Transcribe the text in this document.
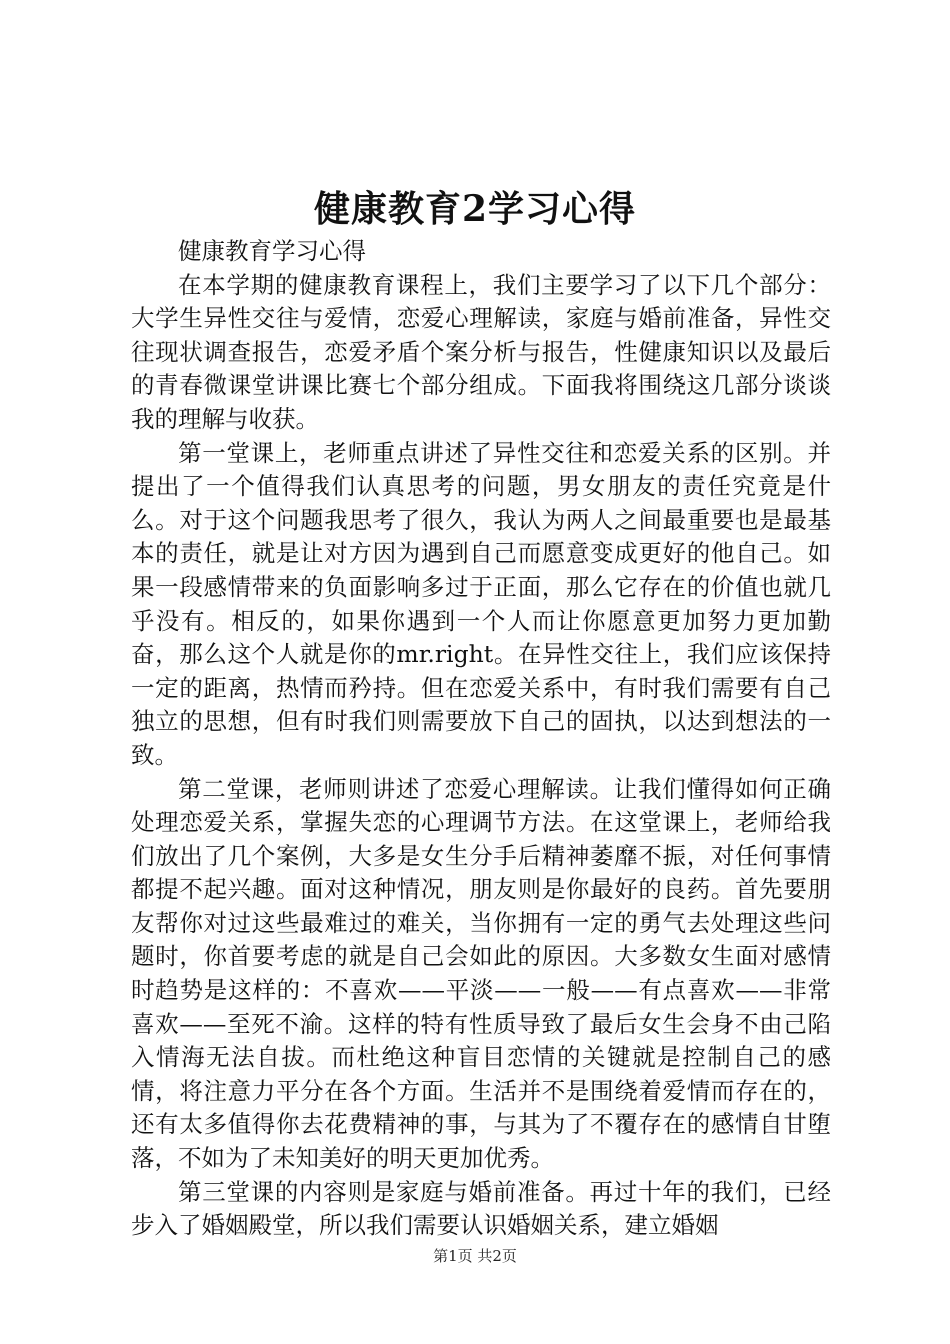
健康教育2学习心得

健康教育学习心得

在本学期的健康教育课程上，我们主要学习了以下几个部分：大学生异性交往与爱情，恋爱心理解读，家庭与婚前准备，异性交往现状调查报告，恋爱矛盾个案分析与报告，性健康知识以及最后的青春微课堂讲课比赛七个部分组成。下面我将围绕这几部分谈谈我的理解与收获。

第一堂课上，老师重点讲述了异性交往和恋爱关系的区别。并提出了一个值得我们认真思考的问题，男女朋友的责任究竟是什么。对于这个问题我思考了很久，我认为两人之间最重要也是最基本的责任，就是让对方因为遇到自己而愿意变成更好的他自己。如果一段感情带来的负面影响多过于正面，那么它存在的价值也就几乎没有。相反的，如果你遇到一个人而让你愿意更加努力更加勤奋，那么这个人就是你的mr.right。在异性交往上，我们应该保持一定的距离，热情而矜持。但在恋爱关系中，有时我们需要有自己独立的思想，但有时我们则需要放下自己的固执，以达到想法的一致。

第二堂课，老师则讲述了恋爱心理解读。让我们懂得如何正确处理恋爱关系，掌握失恋的心理调节方法。在这堂课上，老师给我们放出了几个案例，大多是女生分手后精神萎靡不振，对任何事情都提不起兴趣。面对这种情况，朋友则是你最好的良药。首先要朋友帮你对过这些最难过的难关，当你拥有一定的勇气去处理这些问题时，你首要考虑的就是自己会如此的原因。大多数女生面对感情时趋势是这样的：不喜欢——平淡——一般——有点喜欢——非常喜欢——至死不渝。这样的特有性质导致了最后女生会身不由己陷入情海无法自拔。而杜绝这种盲目恋情的关键就是控制自己的感情，将注意力平分在各个方面。生活并不是围绕着爱情而存在的，还有太多值得你去花费精神的事，与其为了不覆存在的感情自甘堕落，不如为了未知美好的明天更加优秀。

第三堂课的内容则是家庭与婚前准备。再过十年的我们，已经步入了婚姻殿堂，所以我们需要认识婚姻关系，建立婚姻

第1页 共2页
